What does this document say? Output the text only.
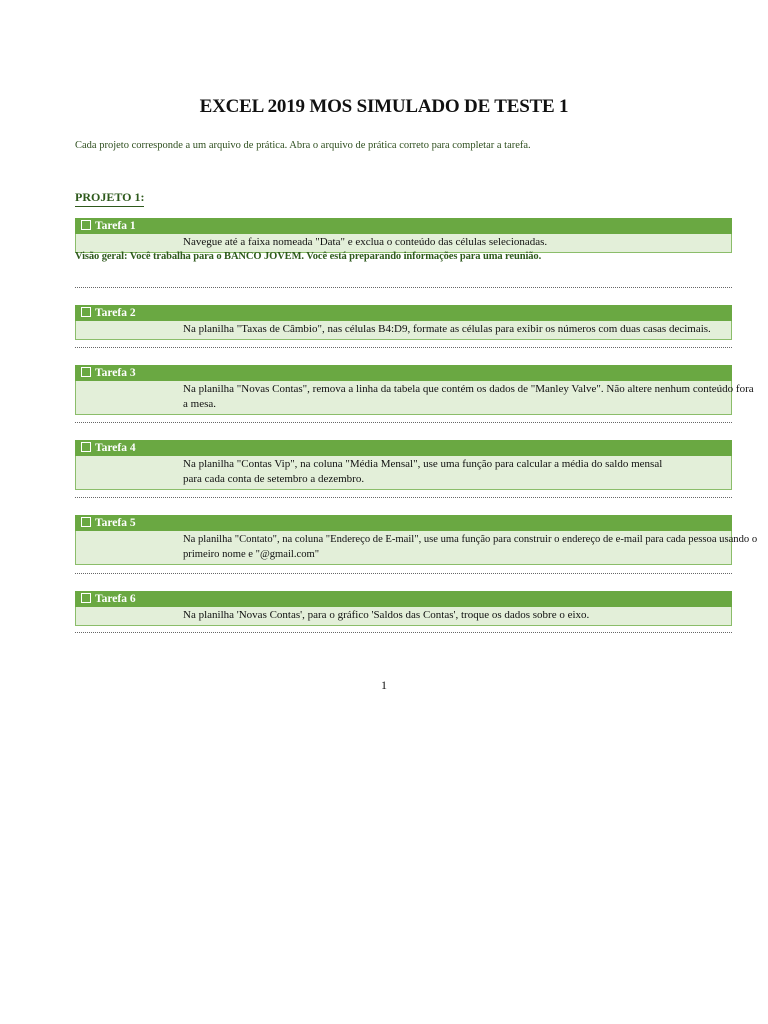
EXCEL 2019 MOS SIMULADO DE TESTE 1
Cada projeto corresponde a um arquivo de prática. Abra o arquivo de prática correto para completar a tarefa.
PROJETO 1:
Tarefa 1
Navegue até a faixa nomeada "Data" e exclua o conteúdo das células selecionadas.
Visão geral: Você trabalha para o BANCO JOVEM. Você está preparando informações para uma reunião.
Tarefa 2
Na planilha "Taxas de Câmbio", nas células B4:D9, formate as células para exibir os números com duas casas decimais.
Tarefa 3
Na planilha "Novas Contas", remova a linha da tabela que contém os dados de "Manley Valve". Não altere nenhum conteúdo fora
a mesa.
Tarefa 4
Na planilha "Contas Vip", na coluna "Média Mensal", use uma função para calcular a média do saldo mensal
para cada conta de setembro a dezembro.
Tarefa 5
Na planilha "Contato", na coluna "Endereço de E-mail", use uma função para construir o endereço de e-mail para cada pessoa usando o
primeiro nome e "@gmail.com"
Tarefa 6
Na planilha 'Novas Contas', para o gráfico 'Saldos das Contas', troque os dados sobre o eixo.
1
